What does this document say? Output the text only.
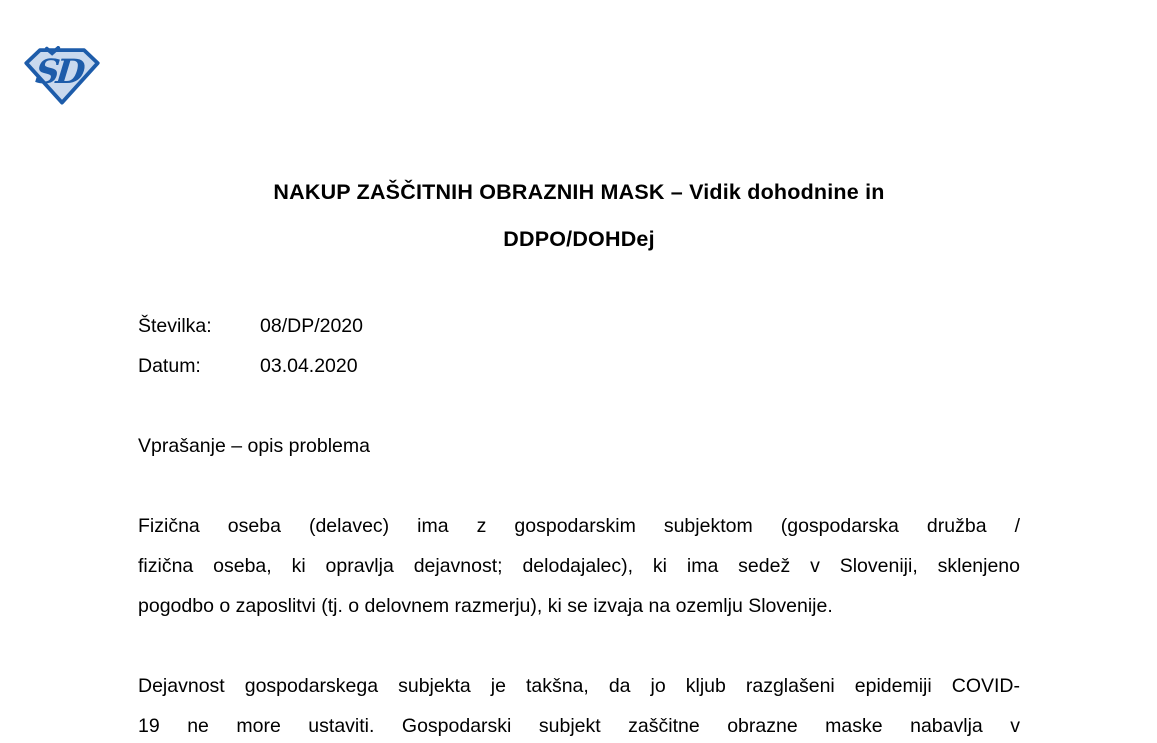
SD
NAKUP ZAŠČITNIH OBRAZNIH MASK – Vidik dohodnine in
DDPO/DOHDej
Številka:	08/DP/2020
Datum:	03.04.2020
Vprašanje – opis problema
Fizična oseba (delavec) ima z gospodarskim subjektom (gospodarska družba /
fizična oseba, ki opravlja dejavnost; delodajalec), ki ima sedež v Sloveniji, sklenjeno
pogodbo o zaposlitvi (tj. o delovnem razmerju), ki se izvaja na ozemlju Slovenije.
Dejavnost gospodarskega subjekta je takšna, da jo kljub razglašeni epidemiji COVID-
19 ne more ustaviti. Gospodarski subjekt zaščitne obrazne maske nabavlja v
